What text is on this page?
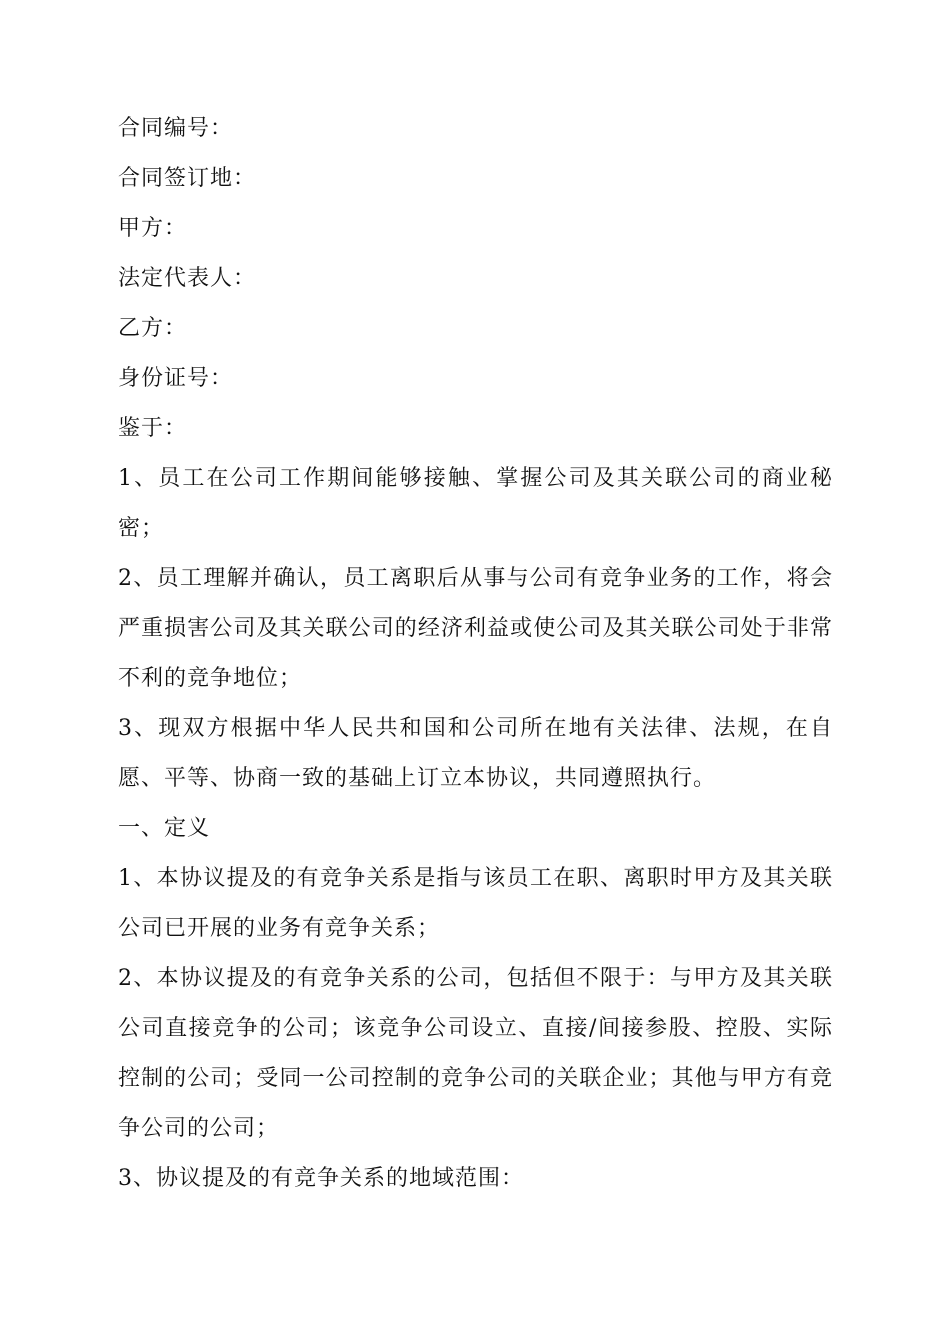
合同编号：

合同签订地：

甲方：

法定代表人：

乙方：

身份证号：

鉴于：

1、员工在公司工作期间能够接触、掌握公司及其关联公司的商业秘密；

2、员工理解并确认，员工离职后从事与公司有竞争业务的工作，将会严重损害公司及其关联公司的经济利益或使公司及其关联公司处于非常不利的竞争地位；

3、现双方根据中华人民共和国和公司所在地有关法律、法规，在自愿、平等、协商一致的基础上订立本协议，共同遵照执行。

一、定义

1、本协议提及的有竞争关系是指与该员工在职、离职时甲方及其关联公司已开展的业务有竞争关系；

2、本协议提及的有竞争关系的公司，包括但不限于：与甲方及其关联公司直接竞争的公司；该竞争公司设立、直接/间接参股、控股、实际控制的公司；受同一公司控制的竞争公司的关联企业；其他与甲方有竞争公司的公司；

3、协议提及的有竞争关系的地域范围：
